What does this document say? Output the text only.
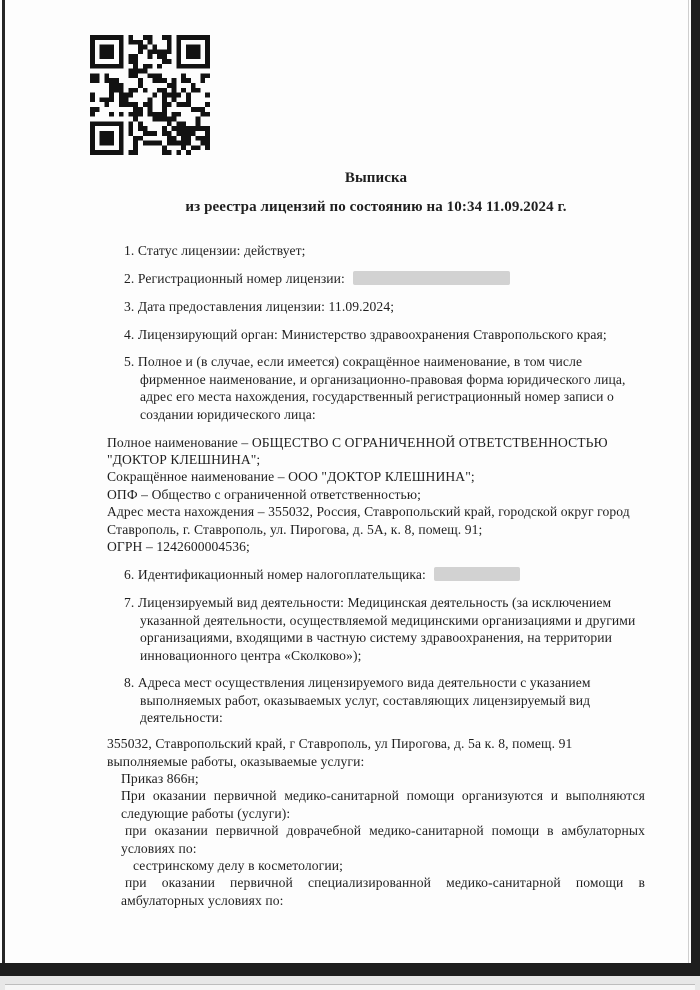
Выписка

из реестра лицензий по состоянию на 10:34 11.09.2024 г.

1. Статус лицензии: действует;

2. Регистрационный номер лицензии:

3. Дата предоставления лицензии: 11.09.2024;

4. Лицензирующий орган: Министерство здравоохранения Ставропольского края;

5. Полное и (в случае, если имеется) сокращённое наименование, в том числе фирменное наименование, и организационно-правовая форма юридического лица, адрес его места нахождения, государственный регистрационный номер записи о создании юридического лица:

Полное наименование – ОБЩЕСТВО С ОГРАНИЧЕННОЙ ОТВЕТСТВЕННОСТЬЮ "ДОКТОР КЛЕШНИНА";
Сокращённое наименование – ООО "ДОКТОР КЛЕШНИНА";
ОПФ – Общество с ограниченной ответственностью;
Адрес места нахождения – 355032, Россия, Ставропольский край, городской округ город Ставрополь, г. Ставрополь, ул. Пирогова, д. 5А, к. 8, помещ. 91;
ОГРН – 1242600004536;

6. Идентификационный номер налогоплательщика:

7. Лицензируемый вид деятельности: Медицинская деятельность (за исключением указанной деятельности, осуществляемой медицинскими организациями и другими организациями, входящими в частную систему здравоохранения, на территории инновационного центра «Сколково»);

8. Адреса мест осуществления лицензируемого вида деятельности с указанием выполняемых работ, оказываемых услуг, составляющих лицензируемый вид деятельности:

355032, Ставропольский край, г Ставрополь, ул Пирогова, д. 5а к. 8, помещ. 91

выполняемые работы, оказываемые услуги:

Приказ 866н;

При оказании первичной медико-санитарной помощи организуются и выполняются следующие работы (услуги):

при оказании первичной доврачебной медико-санитарной помощи в амбулаторных условиях по:

сестринскому делу в косметологии;

при оказании первичной специализированной медико-санитарной помощи в амбулаторных условиях по:
